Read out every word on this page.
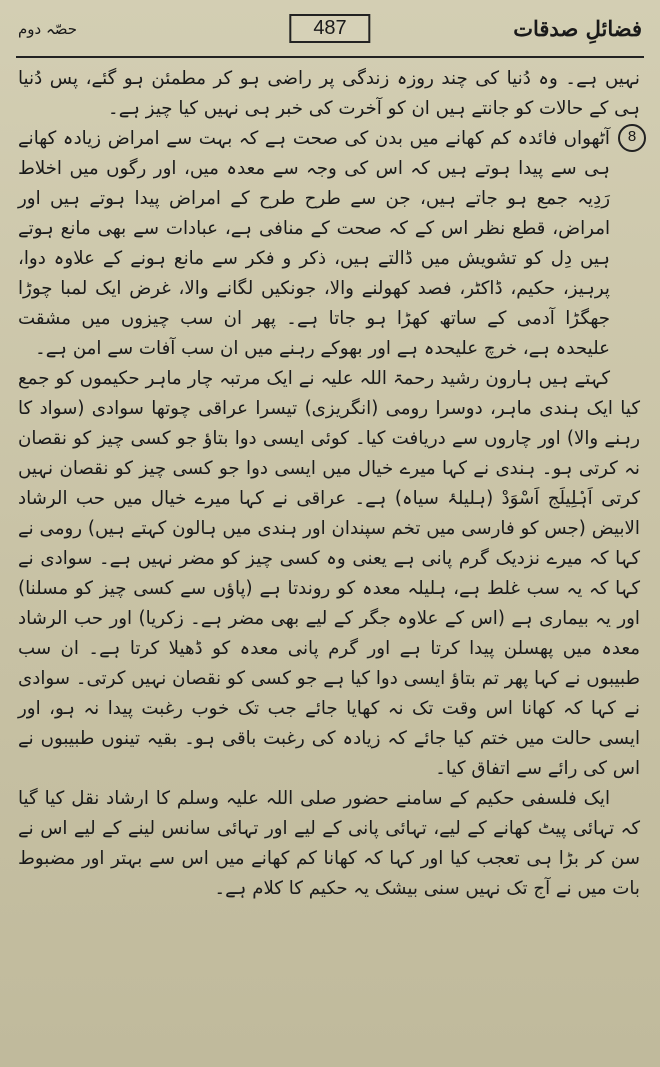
فضائلِ صدقات
487
حصّہ دوم

نہیں ہے۔ وہ دُنیا کی چند روزہ زندگی پر راضی ہو کر مطمئن ہو گئے، پس دُنیا ہی کے حالات کو جانتے ہیں ان کو آخرت کی خبر ہی نہیں کیا چیز ہے۔

8

آٹھواں فائدہ کم کھانے میں بدن کی صحت ہے کہ بہت سے امراض زیادہ کھانے ہی سے پیدا ہوتے ہیں کہ اس کی وجہ سے معدہ میں، اور رگوں میں اخلاط رَدِیہ جمع ہو جاتے ہیں، جن سے طرح طرح کے امراض پیدا ہوتے ہیں اور امراض، قطع نظر اس کے کہ صحت کے منافی ہے، عبادات سے بھی مانع ہوتے ہیں دِل کو تشویش میں ڈالتے ہیں، ذکر و فکر سے مانع ہونے کے علاوہ دوا، پرہیز، حکیم، ڈاکٹر، فصد کھولنے والا، جونکیں لگانے والا، غرض ایک لمبا چوڑا جھگڑا آدمی کے ساتھ کھڑا ہو جاتا ہے۔ پھر ان سب چیزوں میں مشقت علیحدہ ہے، خرچ علیحدہ ہے اور بھوکے رہنے میں ان سب آفات سے امن ہے۔

کہتے ہیں ہارون رشید رحمۃ اللہ علیہ نے ایک مرتبہ چار ماہر حکیموں کو جمع کیا ایک ہندی ماہر، دوسرا رومی (انگریزی) تیسرا عراقی چوتھا سوادی (سواد کا رہنے والا) اور چاروں سے دریافت کیا۔ کوئی ایسی دوا بتاؤ جو کسی چیز کو نقصان نہ کرتی ہو۔ ہندی نے کہا میرے خیال میں ایسی دوا جو کسی چیز کو نقصان نہیں کرتی اَہْلِیلَج اَسْوَدْ (ہلیلۂ سیاہ) ہے۔ عراقی نے کہا میرے خیال میں حب الرشاد الابیض (جس کو فارسی میں تخم سپندان اور ہندی میں ہالون کہتے ہیں) رومی نے کہا کہ میرے نزدیک گرم پانی ہے یعنی وہ کسی چیز کو مضر نہیں ہے۔ سوادی نے کہا کہ یہ سب غلط ہے، ہلیلہ معدہ کو روندتا ہے (پاؤں سے کسی چیز کو مسلنا) اور یہ بیماری ہے (اس کے علاوہ جگر کے لیے بھی مضر ہے۔ زکریا) اور حب الرشاد معدہ میں پھسلن پیدا کرتا ہے اور گرم پانی معدہ کو ڈھیلا کرتا ہے۔ ان سب طبیبوں نے کہا پھر تم بتاؤ ایسی دوا کیا ہے جو کسی کو نقصان نہیں کرتی۔ سوادی نے کہا کہ کھانا اس وقت تک نہ کھایا جائے جب تک خوب رغبت پیدا نہ ہو، اور ایسی حالت میں ختم کیا جائے کہ زیادہ کی رغبت باقی ہو۔ بقیہ تینوں طبیبوں نے اس کی رائے سے اتفاق کیا۔

ایک فلسفی حکیم کے سامنے حضور صلی اللہ علیہ وسلم کا ارشاد نقل کیا گیا کہ تہائی پیٹ کھانے کے لیے، تہائی پانی کے لیے اور تہائی سانس لینے کے لیے اس نے سن کر بڑا ہی تعجب کیا اور کہا کہ کھانا کم کھانے میں اس سے بہتر اور مضبوط بات میں نے آج تک نہیں سنی بیشک یہ حکیم کا کلام ہے۔
